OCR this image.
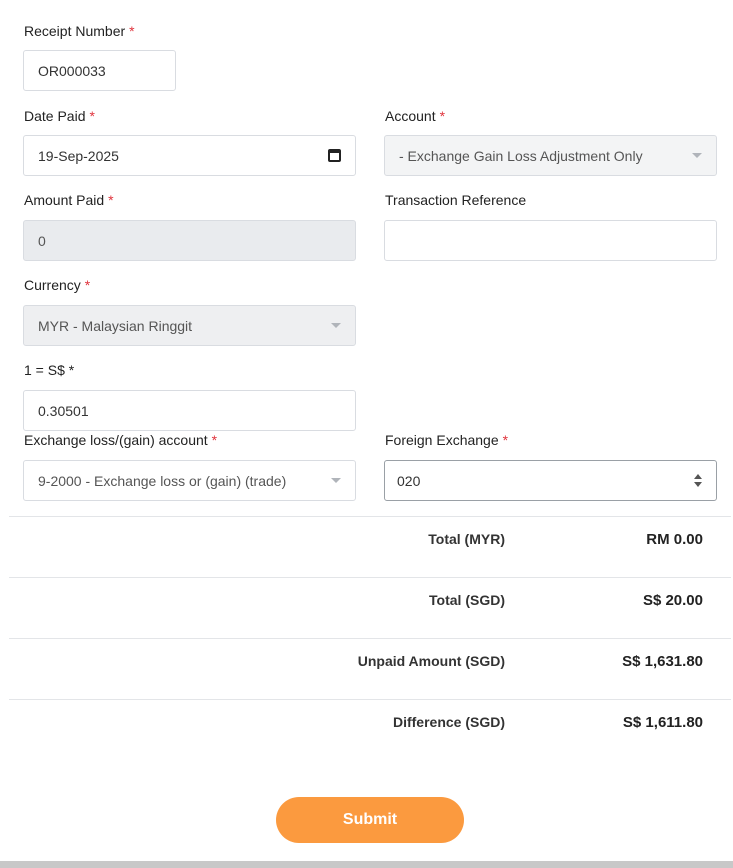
Receipt Number *
OR000033
Date Paid *
19-Sep-2025
Account *
- Exchange Gain Loss Adjustment Only
Amount Paid *
0
Transaction Reference
Currency *
MYR - Malaysian Ringgit
1 = S$ *
0.30501
Exchange loss/(gain) account *
9-2000 - Exchange loss or (gain) (trade)
Foreign Exchange *
020
Total (MYR)	RM 0.00
Total (SGD)	S$ 20.00
Unpaid Amount (SGD)	S$ 1,631.80
Difference (SGD)	S$ 1,611.80
Submit
